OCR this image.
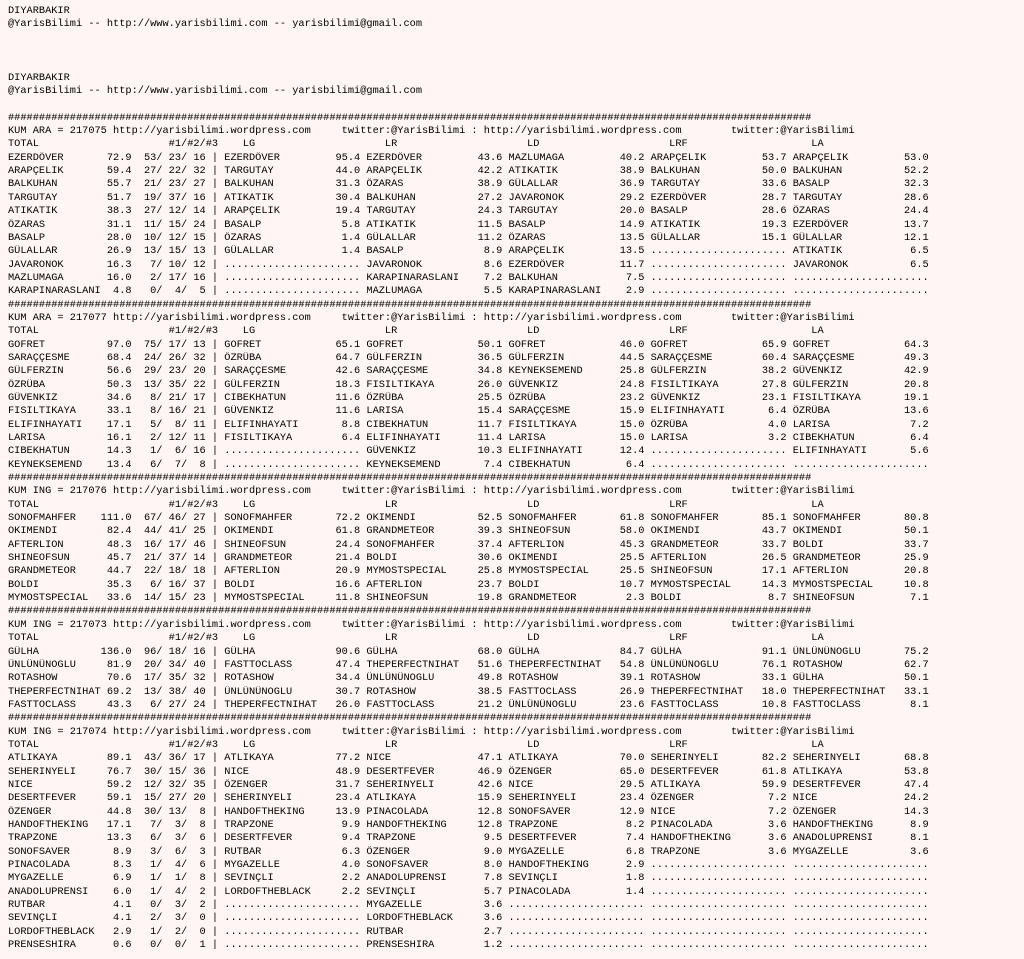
DIYARBAKIR
@YarisBilimi -- http://www.yarisbilimi.com -- yarisbilimi@gmail.com
DIYARBAKIR
@YarisBilimi -- http://www.yarisbilimi.com -- yarisbilimi@gmail.com
##################################################################################################################################
KUM ARA = 217075 http://yarisbilimi.wordpress.com     twitter:@YarisBilimi : http://yarisbilimi.wordpress.com        twitter:@YarisBilimi
TOTAL                     #1/#2/#3    LG                     LR                     LD                     LRF                    LA
EZERDÖVER       72.9  53/ 23/ 16 | EZERDÖVER         95.4 EZERDÖVER         43.6 MAZLUMAGA         40.2 ARAPÇELIK         53.7 ARAPÇELIK         53.0
ARAPÇELIK       59.4  27/ 22/ 32 | TARGUTAY          44.0 ARAPÇELIK         42.2 ATIKATIK          38.9 BALKUHAN          50.0 BALKUHAN          52.2
BALKUHAN        55.7  21/ 23/ 27 | BALKUHAN          31.3 ÖZARAS            38.9 GÜLALLAR          36.9 TARGUTAY          33.6 BASALP            32.3
TARGUTAY        51.7  19/ 37/ 16 | ATIKATIK          30.4 BALKUHAN          27.2 JAVARONOK         29.2 EZERDÖVER         28.7 TARGUTAY          28.6
ATIKATIK        38.3  27/ 12/ 14 | ARAPÇELIK         19.4 TARGUTAY          24.3 TARGUTAY          20.0 BASALP            28.6 ÖZARAS            24.4
ÖZARAS          31.1  11/ 15/ 24 | BASALP             5.8 ATIKATIK          11.5 BASALP            14.9 ATIKATIK          19.3 EZERDÖVER         13.7
BASALP          28.0  10/ 12/ 15 | ÖZARAS             1.4 GÜLALLAR          11.2 ÖZARAS            13.5 GÜLALLAR          15.1 GÜLALLAR          12.1
GÜLALLAR        26.9  13/ 15/ 13 | GÜLALLAR           1.4 BASALP             8.9 ARAPÇELIK         13.5 ...................... ATIKATIK           6.5
JAVARONOK       16.3   7/ 10/ 12 | ...................... JAVARONOK          8.6 EZERDÖVER         11.7 ...................... JAVARONOK          6.5
MAZLUMAGA       16.0   2/ 17/ 16 | ...................... KARAPINARASLANI    7.2 BALKUHAN           7.5 ...................... ......................
KARAPINARASLANI  4.8   0/  4/  5 | ...................... MAZLUMAGA          5.5 KARAPINARASLANI    2.9 ...................... ......................
##################################################################################################################################
KUM ARA = 217077 http://yarisbilimi.wordpress.com     twitter:@YarisBilimi : http://yarisbilimi.wordpress.com        twitter:@YarisBilimi
TOTAL                     #1/#2/#3    LG                     LR                     LD                     LRF                    LA
GOFRET          97.0  75/ 17/ 13 | GOFRET            65.1 GOFRET            50.1 GOFRET            46.0 GOFRET            65.9 GOFRET            64.3
SARAÇÇESME      68.4  24/ 26/ 32 | ÖZRÜBA            64.7 GÜLFERZIN         36.5 GÜLFERZIN         44.5 SARAÇÇESME        60.4 SARAÇÇESME        49.3
GÜLFERZIN       56.6  29/ 23/ 20 | SARAÇÇESME        42.6 SARAÇÇESME        34.8 KEYNEKSEMEND      25.8 GÜLFERZIN         38.2 GÜVENKIZ          42.9
ÖZRÜBA          50.3  13/ 35/ 22 | GÜLFERZIN         18.3 FISILTIKAYA       26.0 GÜVENKIZ          24.8 FISILTIKAYA       27.8 GÜLFERZIN         20.8
GÜVENKIZ        34.6   8/ 21/ 17 | CIBEKHATUN        11.6 ÖZRÜBA            25.5 ÖZRÜBA            23.2 GÜVENKIZ          23.1 FISILTIKAYA       19.1
FISILTIKAYA     33.1   8/ 16/ 21 | GÜVENKIZ          11.6 LARISA            15.4 SARAÇÇESME        15.9 ELIFINHAYATI       6.4 ÖZRÜBA            13.6
ELIFINHAYATI    17.1   5/  8/ 11 | ELIFINHAYATI       8.8 CIBEKHATUN        11.7 FISILTIKAYA       15.0 ÖZRÜBA             4.0 LARISA             7.2
LARISA          16.1   2/ 12/ 11 | FISILTIKAYA        6.4 ELIFINHAYATI      11.4 LARISA            15.0 LARISA             3.2 CIBEKHATUN         6.4
CIBEKHATUN      14.3   1/  6/ 16 | ...................... GÜVENKIZ          10.3 ELIFINHAYATI      12.4 ...................... ELIFINHAYATI       5.6
KEYNEKSEMEND    13.4   6/  7/  8 | ...................... KEYNEKSEMEND       7.4 CIBEKHATUN         6.4 ...................... ......................
##################################################################################################################################
KUM ING = 217076 http://yarisbilimi.wordpress.com     twitter:@YarisBilimi : http://yarisbilimi.wordpress.com        twitter:@YarisBilimi
TOTAL                     #1/#2/#3    LG                     LR                     LD                     LRF                    LA
SONOFMAHFER    111.0  67/ 46/ 27 | SONOFMAHFER       72.2 OKIMENDI          52.5 SONOFMAHFER       61.8 SONOFMAHFER       85.1 SONOFMAHFER       80.8
OKIMENDI        82.4  44/ 41/ 25 | OKIMENDI          61.8 GRANDMETEOR       39.3 SHINEOFSUN        58.0 OKIMENDI          43.7 OKIMENDI          50.1
AFTERLION       48.3  16/ 17/ 46 | SHINEOFSUN        24.4 SONOFMAHFER       37.4 AFTERLION         45.3 GRANDMETEOR       33.7 BOLDI             33.7
SHINEOFSUN      45.7  21/ 37/ 14 | GRANDMETEOR       21.4 BOLDI             30.6 OKIMENDI          25.5 AFTERLION         26.5 GRANDMETEOR       25.9
GRANDMETEOR     44.7  22/ 18/ 18 | AFTERLION         20.9 MYMOSTSPECIAL     25.8 MYMOSTSPECIAL     25.5 SHINEOFSUN        17.1 AFTERLION         20.8
BOLDI           35.3   6/ 16/ 37 | BOLDI             16.6 AFTERLION         23.7 BOLDI             10.7 MYMOSTSPECIAL     14.3 MYMOSTSPECIAL     10.8
MYMOSTSPECIAL   33.6  14/ 15/ 23 | MYMOSTSPECIAL     11.8 SHINEOFSUN        19.8 GRANDMETEOR        2.3 BOLDI              8.7 SHINEOFSUN         7.1
##################################################################################################################################
KUM ING = 217073 http://yarisbilimi.wordpress.com     twitter:@YarisBilimi : http://yarisbilimi.wordpress.com        twitter:@YarisBilimi
TOTAL                     #1/#2/#3    LG                     LR                     LD                     LRF                    LA
GÜLHA          136.0  96/ 18/ 16 | GÜLHA             90.6 GÜLHA             68.0 GÜLHA             84.7 GÜLHA             91.1 ÜNLÜNÜNOGLU       75.2
ÜNLÜNÜNOGLU     81.9  20/ 34/ 40 | FASTTOCLASS       47.4 THEPERFECTNIHAT   51.6 THEPERFECTNIHAT   54.8 ÜNLÜNÜNOGLU       76.1 ROTASHOW          62.7
ROTASHOW        70.6  17/ 35/ 32 | ROTASHOW          34.4 ÜNLÜNÜNOGLU       49.8 ROTASHOW          39.1 ROTASHOW          33.1 GÜLHA             50.1
THEPERFECTNIHAT 69.2  13/ 38/ 40 | ÜNLÜNÜNOGLU       30.7 ROTASHOW          38.5 FASTTOCLASS       26.9 THEPERFECTNIHAT   18.0 THEPERFECTNIHAT   33.1
FASTTOCLASS     43.3   6/ 27/ 24 | THEPERFECTNIHAT   26.0 FASTTOCLASS       21.2 ÜNLÜNÜNOGLU       23.6 FASTTOCLASS       10.8 FASTTOCLASS        8.1
##################################################################################################################################
KUM ING = 217074 http://yarisbilimi.wordpress.com     twitter:@YarisBilimi : http://yarisbilimi.wordpress.com        twitter:@YarisBilimi
TOTAL                     #1/#2/#3    LG                     LR                     LD                     LRF                    LA
ATLIKAYA        89.1  43/ 36/ 17 | ATLIKAYA          77.2 NICE              47.1 ATLIKAYA          70.0 SEHERINYELI       82.2 SEHERINYELI       68.8
SEHERINYELI     76.7  30/ 15/ 36 | NICE              48.9 DESERTFEVER       46.9 ÖZENGER           65.0 DESERTFEVER       61.8 ATLIKAYA          53.8
NICE            59.2  12/ 32/ 35 | ÖZENGER           31.7 SEHERINYELI       42.6 NICE              29.5 ATLIKAYA          59.9 DESERTFEVER       47.4
DESERTFEVER     59.1  15/ 27/ 20 | SEHERINYELI       23.4 ATLIKAYA          15.9 SEHERINYELI       23.4 ÖZENGER            7.2 NICE              24.2
ÖZENGER         44.8  30/ 13/  8 | HANDOFTHEKING     13.9 PINACOLADA        12.8 SONOFSAVER        12.9 NICE               7.2 ÖZENGER           14.3
HANDOFTHEKING   17.1   7/  3/  8 | TRAPZONE           9.9 HANDOFTHEKING     12.8 TRAPZONE           8.2 PINACOLADA         3.6 HANDOFTHEKING      8.9
TRAPZONE        13.3   6/  3/  6 | DESERTFEVER        9.4 TRAPZONE           9.5 DESERTFEVER        7.4 HANDOFTHEKING      3.6 ANADOLUPRENSI      8.1
SONOFSAVER       8.9   3/  6/  3 | RUTBAR             6.3 ÖZENGER            9.0 MYGAZELLE          6.8 TRAPZONE           3.6 MYGAZELLE          3.6
PINACOLADA       8.3   1/  4/  6 | MYGAZELLE          4.0 SONOFSAVER         8.0 HANDOFTHEKING      2.9 ...................... ......................
MYGAZELLE        6.9   1/  1/  8 | SEVINÇLI           2.2 ANADOLUPRENSI      7.8 SEVINÇLI           1.8 ...................... ......................
ANADOLUPRENSI    6.0   1/  4/  2 | LORDOFTHEBLACK     2.2 SEVINÇLI           5.7 PINACOLADA         1.4 ...................... ......................
RUTBAR           4.1   0/  3/  2 | ...................... MYGAZELLE          3.6 ...................... ...................... ......................
SEVINÇLI         4.1   2/  3/  0 | ...................... LORDOFTHEBLACK     3.6 ...................... ...................... ......................
LORDOFTHEBLACK   2.9   1/  2/  0 | ...................... RUTBAR             2.7 ...................... ...................... ......................
PRENSESHIRA      0.6   0/  0/  1 | ...................... PRENSESHIRA        1.2 ...................... ...................... ......................
